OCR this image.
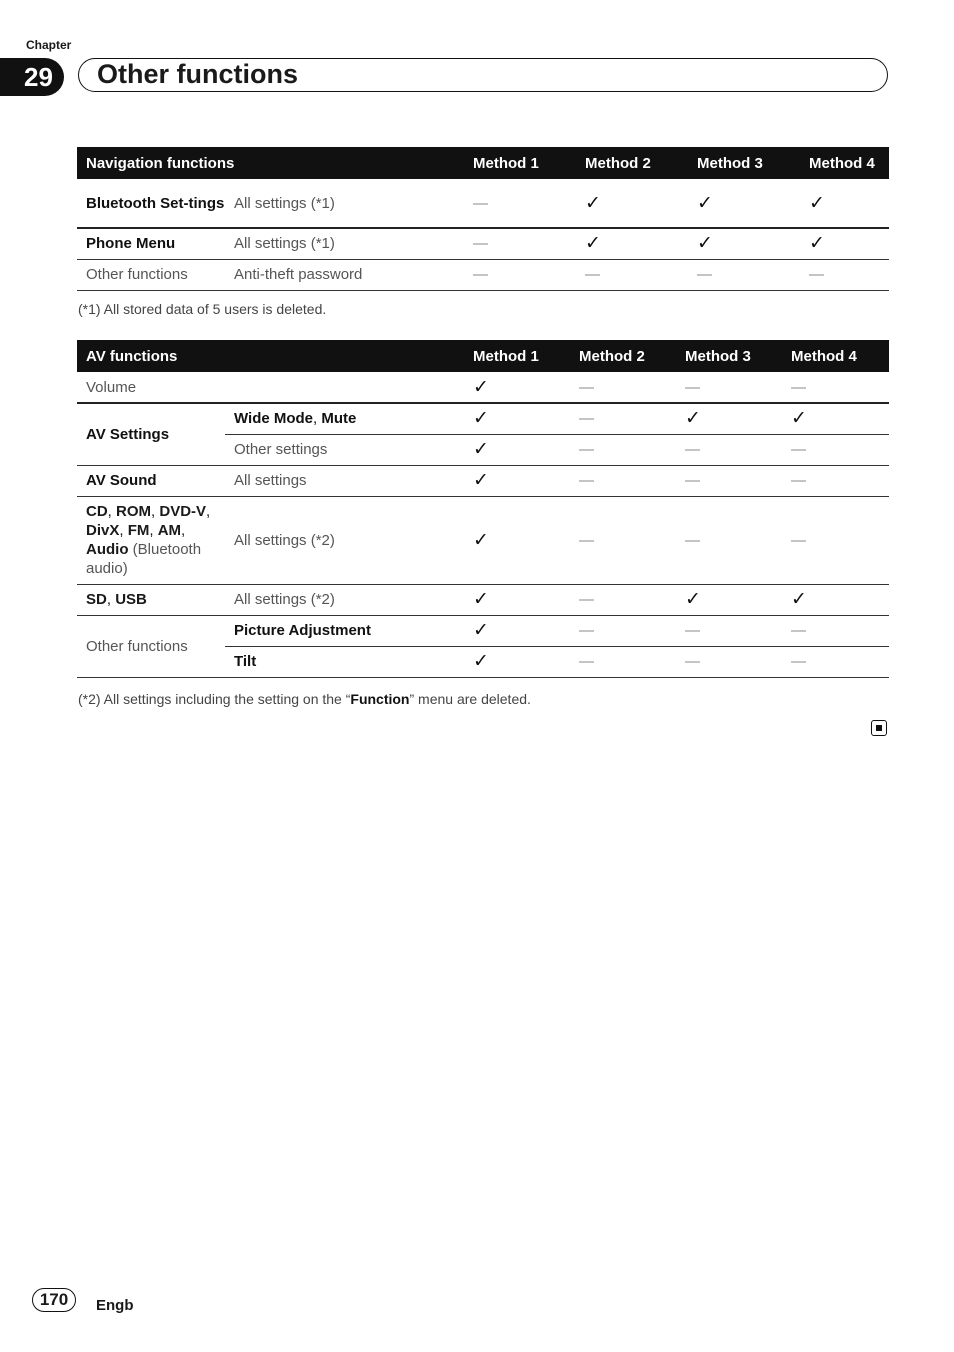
Chapter
29	Other functions
Navigation functions		Method 1	Method 2	Method 3	Method 4
Bluetooth Set-tings	All settings (*1)	—	✓	✓	✓
Phone Menu	All settings (*1)	—	✓	✓	✓
Other functions	Anti-theft password	—	—	—	—
(*1) All stored data of 5 users is deleted.
AV functions		Method 1	Method 2	Method 3	Method 4
Volume		✓	—	—	—
AV Settings	Wide Mode, Mute	✓	—	✓	✓
	Other settings	✓	—	—	—
AV Sound	All settings	✓	—	—	—
CD, ROM, DVD-V, DivX, FM, AM, Audio (Bluetooth audio)	All settings (*2)	✓	—	—	—
SD, USB	All settings (*2)	✓	—	✓	✓
Other functions	Picture Adjustment	✓	—	—	—
	Tilt	✓	—	—	—
(*2) All settings including the setting on the “Function” menu are deleted.
170	Engb
